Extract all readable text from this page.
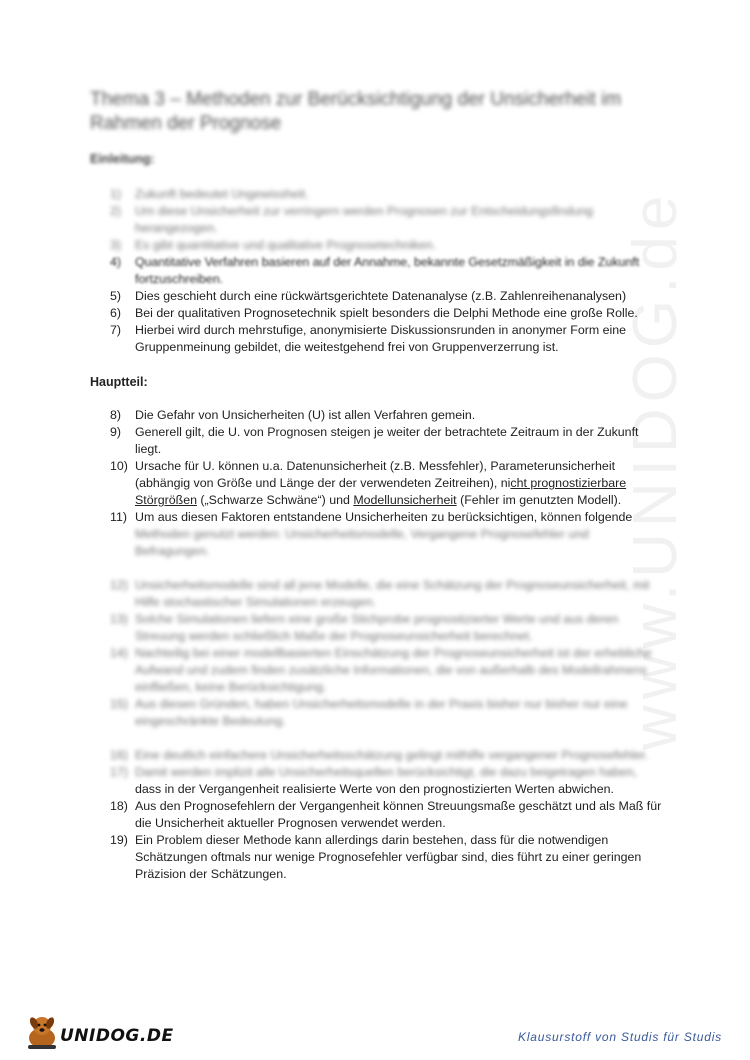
www.UNIDOG.de
Thema 3 – Methoden zur Berücksichtigung der Unsicherheit im Rahmen der Prognose
Einleitung:
1) Zukunft bedeutet Ungewissheit.
2) Um diese Unsicherheit zur verringern werden Prognosen zur Entscheidungsfindung herangezogen.
3) Es gibt quantitative und qualitative Prognosetechniken.
4) Quantitative Verfahren basieren auf der Annahme, bekannte Gesetzmäßigkeit in die Zukunft fortzuschreiben.
5) Dies geschieht durch eine rückwärtsgerichtete Datenanalyse (z.B. Zahlenreihenanalysen)
6) Bei der qualitativen Prognosetechnik spielt besonders die Delphi Methode eine große Rolle.
7) Hierbei wird durch mehrstufige, anonymisierte Diskussionsrunden in anonymer Form eine Gruppenmeinung gebildet, die weitestgehend frei von Gruppenverzerrung ist.
Hauptteil:
8) Die Gefahr von Unsicherheiten (U) ist allen Verfahren gemein.
9) Generell gilt, die U. von Prognosen steigen je weiter der betrachtete Zeitraum in der Zukunft liegt.
10) Ursache für U. können u.a. Datenunsicherheit (z.B. Messfehler), Parameterunsicherheit (abhängig von Größe und Länge der der verwendeten Zeitreihen), nicht prognostizierbare Störgrößen („Schwarze Schwäne“) und Modellunsicherheit (Fehler im genutzten Modell).
11) Um aus diesen Faktoren entstandene Unsicherheiten zu berücksichtigen, können folgende
Methoden genutzt werden: Unsicherheitsmodelle, Vergangene Prognosefehler und Befragungen.
12) Unsicherheitsmodelle sind all jene Modelle, die eine Schätzung der Prognoseunsicherheit, mit Hilfe stochastischer Simulationen erzeugen.
13) Solche Simulationen liefern eine große Stichprobe prognostizierter Werte und aus deren Streuung werden schließlich Maße der Prognoseunsicherheit berechnet.
14) Nachteilig bei einer modellbasierten Einschätzung der Prognoseunsicherheit ist der erhebliche Aufwand und zudem finden zusätzliche Informationen, die von außerhalb des Modellrahmens einfließen, keine Berücksichtigung.
15) Aus diesen Gründen, haben Unsicherheitsmodelle in der Praxis bisher nur bisher nur eine eingeschränkte Bedeutung.
16) Eine deutlich einfachere Unsicherheitsschätzung gelingt mithilfe vergangener Prognosefehler.
17) Damit werden implizit alle Unsicherheitsquellen berücksichtigt, die dazu beigetragen haben,
dass in der Vergangenheit realisierte Werte von den prognostizierten Werten abwichen.
18) Aus den Prognosefehlern der Vergangenheit können Streuungsmaße geschätzt und als Maß für die Unsicherheit aktueller Prognosen verwendet werden.
19) Ein Problem dieser Methode kann allerdings darin bestehen, dass für die notwendigen Schätzungen oftmals nur wenige Prognosefehler verfügbar sind, dies führt zu einer geringen Präzision der Schätzungen.
UNIDOG.DE	Klausurstoff von Studis für Studis
